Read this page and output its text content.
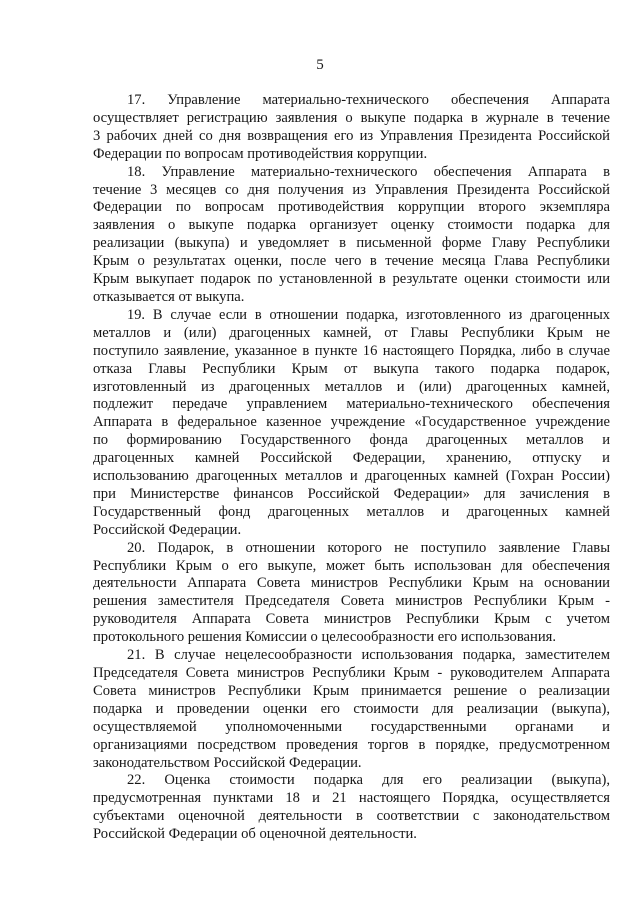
5
17. Управление материально-технического обеспечения Аппарата
осуществляет регистрацию заявления о выкупе подарка в журнале в течение
3 рабочих дней со дня возвращения его из Управления Президента Российской
Федерации по вопросам противодействия коррупции.
18. Управление материально-технического обеспечения Аппарата в
течение 3 месяцев со дня получения из Управления Президента Российской
Федерации по вопросам противодействия коррупции второго экземпляра
заявления о выкупе подарка организует оценку стоимости подарка для
реализации (выкупа) и уведомляет в письменной форме Главу Республики
Крым о результатах оценки, после чего в течение месяца Глава Республики
Крым выкупает подарок по установленной в результате оценки стоимости или
отказывается от выкупа.
19. В случае если в отношении подарка, изготовленного из драгоценных
металлов и (или) драгоценных камней, от Главы Республики Крым не
поступило заявление, указанное в пункте 16 настоящего Порядка, либо в случае
отказа Главы Республики Крым от выкупа такого подарка подарок,
изготовленный из драгоценных металлов и (или) драгоценных камней,
подлежит передаче управлением материально-технического обеспечения
Аппарата в федеральное казенное учреждение «Государственное учреждение
по формированию Государственного фонда драгоценных металлов и
драгоценных камней Российской Федерации, хранению, отпуску и
использованию драгоценных металлов и драгоценных камней (Гохран России)
при Министерстве финансов Российской Федерации» для зачисления в
Государственный фонд драгоценных металлов и драгоценных камней
Российской Федерации.
20. Подарок, в отношении которого не поступило заявление Главы
Республики Крым о его выкупе, может быть использован для обеспечения
деятельности Аппарата Совета министров Республики Крым на основании
решения заместителя Председателя Совета министров Республики Крым -
руководителя Аппарата Совета министров Республики Крым с учетом
протокольного решения Комиссии о целесообразности его использования.
21. В случае нецелесообразности использования подарка, заместителем
Председателя Совета министров Республики Крым - руководителем Аппарата
Совета министров Республики Крым принимается решение о реализации
подарка и проведении оценки его стоимости для реализации (выкупа),
осуществляемой уполномоченными государственными органами и
организациями посредством проведения торгов в порядке, предусмотренном
законодательством Российской Федерации.
22. Оценка стоимости подарка для его реализации (выкупа),
предусмотренная пунктами 18 и 21 настоящего Порядка, осуществляется
субъектами оценочной деятельности в соответствии с законодательством
Российской Федерации об оценочной деятельности.
